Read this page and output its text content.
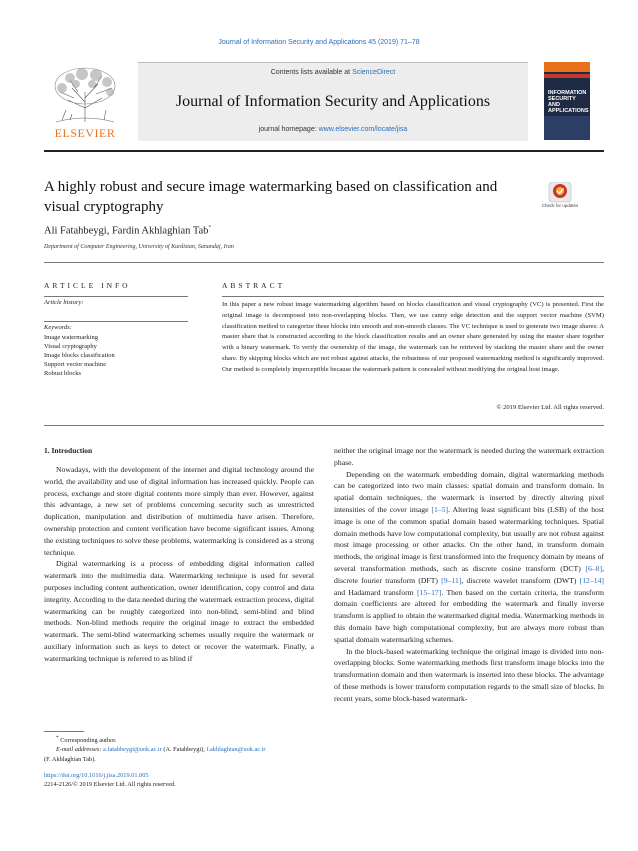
Journal of Information Security and Applications 45 (2019) 71–78
ELSEVIER
Contents lists available at ScienceDirect
Journal of Information Security and Applications
journal homepage: www.elsevier.com/locate/jisa
INFORMATION SECURITY AND APPLICATIONS
A highly robust and secure image watermarking based on classification and visual cryptography	Check for updates
Ali Fatahbeygi, Fardin Akhlaghian Tab*
Department of Computer Engineering, University of Kurdistan, Sanandaj, Iran
ARTICLE INFO
Article history:
Keywords:
Image watermarking
Visual cryptography
Image blocks classification
Support vector machine
Robust blocks
ABSTRACT
In this paper a new robust image watermarking algorithm based on blocks classification and visual cryptography (VC) is presented. First the original image is decomposed into non-overlapping blocks. Then, we use canny edge detection and the support vector machine (SVM) classification method to categorize these blocks into smooth and non-smooth classes. The VC technique is used to generate two image shares: A master share that is constructed according to the block classification results and an owner share generated by using the master share together with a binary watermark. To verify the ownership of the image, the watermark can be retrieved by stacking the master share and the owner share. By skipping blocks which are not robust against attacks, the robustness of our proposed watermarking method is significantly improved. Our method is completely imperceptible because the watermark pattern is concealed without modifying the original host image.
© 2019 Elsevier Ltd. All rights reserved.
1. Introduction

Nowadays, with the development of the internet and digital technology around the world, the availability and use of digital information has increased quickly. People can process, exchange and store digital contents more simply than ever. However, against this advantage, a new set of problems concerning security such as unrestricted duplication, manipulation and distribution of multimedia have arisen. Therefore, ownership protection and content verification have become significant issues. Among the existing techniques to solve these problems, watermarking is considered as a strong technique.

Digital watermarking is a process of embedding digital information called watermark into the multimedia data. Watermarking technique is used for several purposes including content authentication, owner identification, copy control and data integrity. According to the data needed during the watermark extraction process, digital watermarking can be roughly categorized into non-blind, semi-blind and blind methods. Non-blind methods require the original image to extract the embedded watermark. The semi-blind watermarking schemes usually require the watermark or auxiliary information such as keys to detect or recover the watermark. Finally, a watermarking technique is referred to as blind if

neither the original image nor the watermark is needed during the watermark extraction phase.

Depending on the watermark embedding domain, digital watermarking methods can be categorized into two main classes: spatial domain and transform domain. In spatial domain techniques, the watermark is inserted by directly altering pixel intensities of the cover image [1–5]. Altering least significant bits (LSB) of the host image is one of the common spatial domain based watermarking techniques. Spatial domain methods have low computational complexity, but usually are not robust against most image processing or other attacks. On the other hand, in transform domain methods, the original image is first transformed into the frequency domain by means of several transformation methods, such as discrete cosine transform (DCT) [6–8], discrete fourier transform (DFT) [9–11], discrete wavelet transform (DWT) [12–14] and Hadamard transform [15–17]. Then based on the certain criteria, the transform domain coefficients are altered for embedding the watermark and finally inverse transform is applied to obtain the watermarked digital media. Watermarking methods in this domain have high computational complexity, but are always more robust than spatial domain watermarking schemes.

In the block-based watermarking technique the original image is divided into non-overlapping blocks. Some watermarking methods first transform image blocks into the transformation domain and then watermark is inserted into these blocks. The advantage of these methods is lower transform computation regards to the small size of blocks. In recent years, some block-based watermark-

* Corresponding author.
E-mail addresses: a.fatahbeygi@uok.ac.ir (A. Fatahbeygi), f.akhlaghian@uok.ac.ir
(F. Akhlaghian Tab).
https://doi.org/10.1016/j.jisa.2019.01.005
2214-2126/© 2019 Elsevier Ltd. All rights reserved.
